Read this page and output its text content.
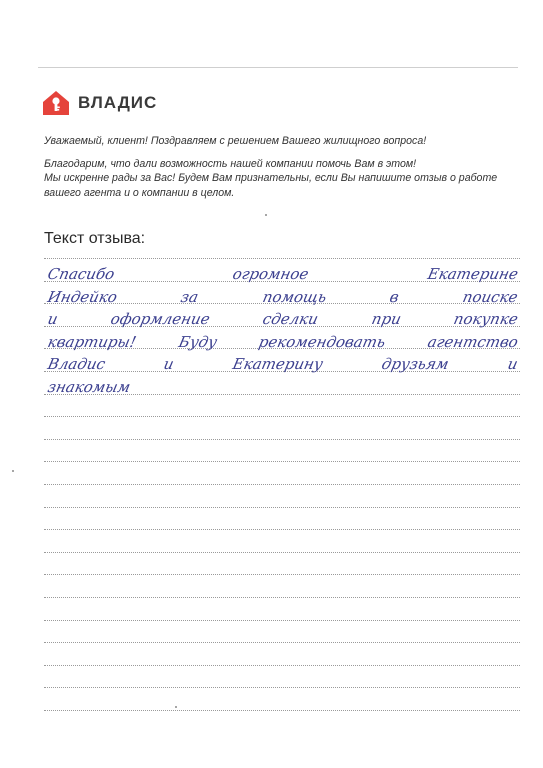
ВЛАДИС
Уважаемый, клиент! Поздравляем с решением Вашего жилищного вопроса!
Благодарим, что дали возможность нашей компании помочь Вам в этом!
Мы искренне рады за Вас! Будем Вам признательны, если Вы напишите отзыв о работе
вашего агента и о компании в целом.
Текст отзыва:
Спасибо	огромное	Екатерине
Индейко	за	помощь	в	поиске
и	оформление	сделки	при	покупке
квартиры!	Буду	рекомендовать	агентство
Владис	и	Екатерину	друзьям	и
знакомым
